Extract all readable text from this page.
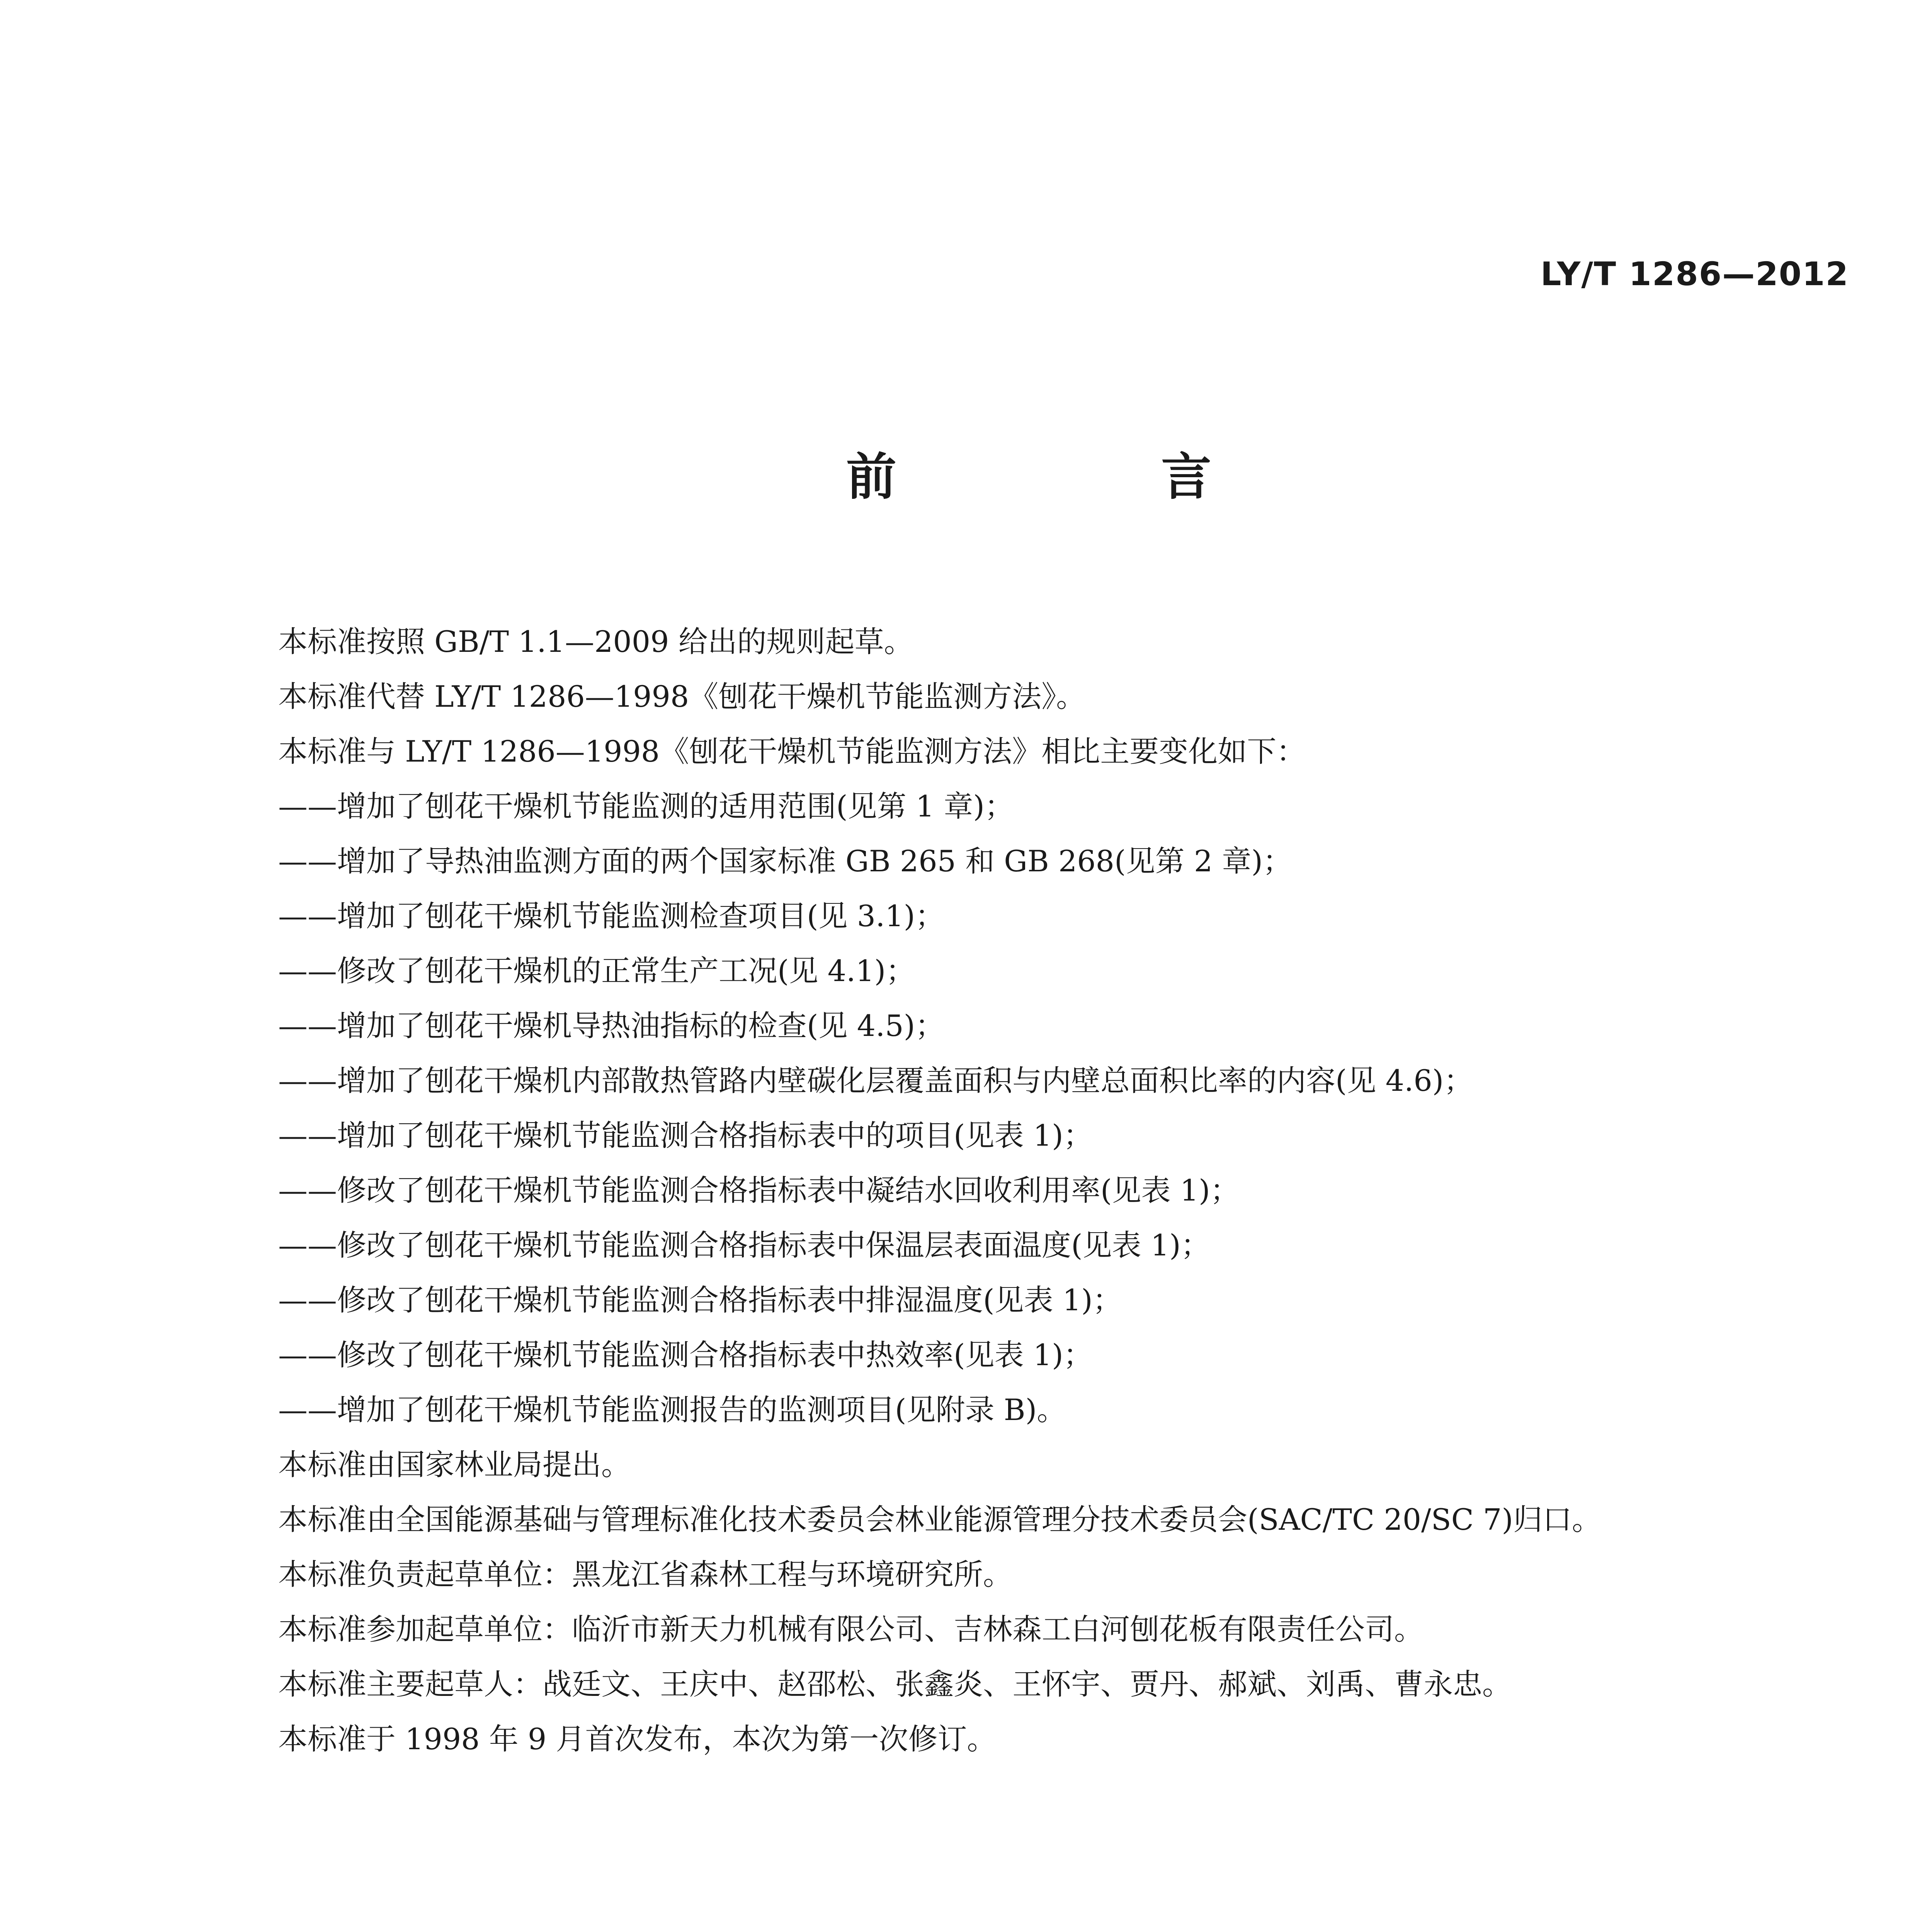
LY/T 1286—2012
前 言

本标准按照 GB/T 1.1—2009 给出的规则起草。

本标准代替 LY/T 1286—1998《刨花干燥机节能监测方法》。

本标准与 LY/T 1286—1998《刨花干燥机节能监测方法》相比主要变化如下：

——增加了刨花干燥机节能监测的适用范围(见第 1 章)；

——增加了导热油监测方面的两个国家标准 GB 265 和 GB 268(见第 2 章)；

——增加了刨花干燥机节能监测检查项目(见 3.1)；

——修改了刨花干燥机的正常生产工况(见 4.1)；

——增加了刨花干燥机导热油指标的检查(见 4.5)；

——增加了刨花干燥机内部散热管路内壁碳化层覆盖面积与内壁总面积比率的内容(见 4.6)；

——增加了刨花干燥机节能监测合格指标表中的项目(见表 1)；

——修改了刨花干燥机节能监测合格指标表中凝结水回收利用率(见表 1)；

——修改了刨花干燥机节能监测合格指标表中保温层表面温度(见表 1)；

——修改了刨花干燥机节能监测合格指标表中排湿温度(见表 1)；

——修改了刨花干燥机节能监测合格指标表中热效率(见表 1)；

——增加了刨花干燥机节能监测报告的监测项目(见附录 B)。

本标准由国家林业局提出。

本标准由全国能源基础与管理标准化技术委员会林业能源管理分技术委员会(SAC/TC 20/SC 7)归口。

本标准负责起草单位：黑龙江省森林工程与环境研究所。

本标准参加起草单位：临沂市新天力机械有限公司、吉林森工白河刨花板有限责任公司。

本标准主要起草人：战廷文、王庆中、赵邵松、张鑫炎、王怀宇、贾丹、郝斌、刘禹、曹永忠。

本标准于 1998 年 9 月首次发布，本次为第一次修订。
